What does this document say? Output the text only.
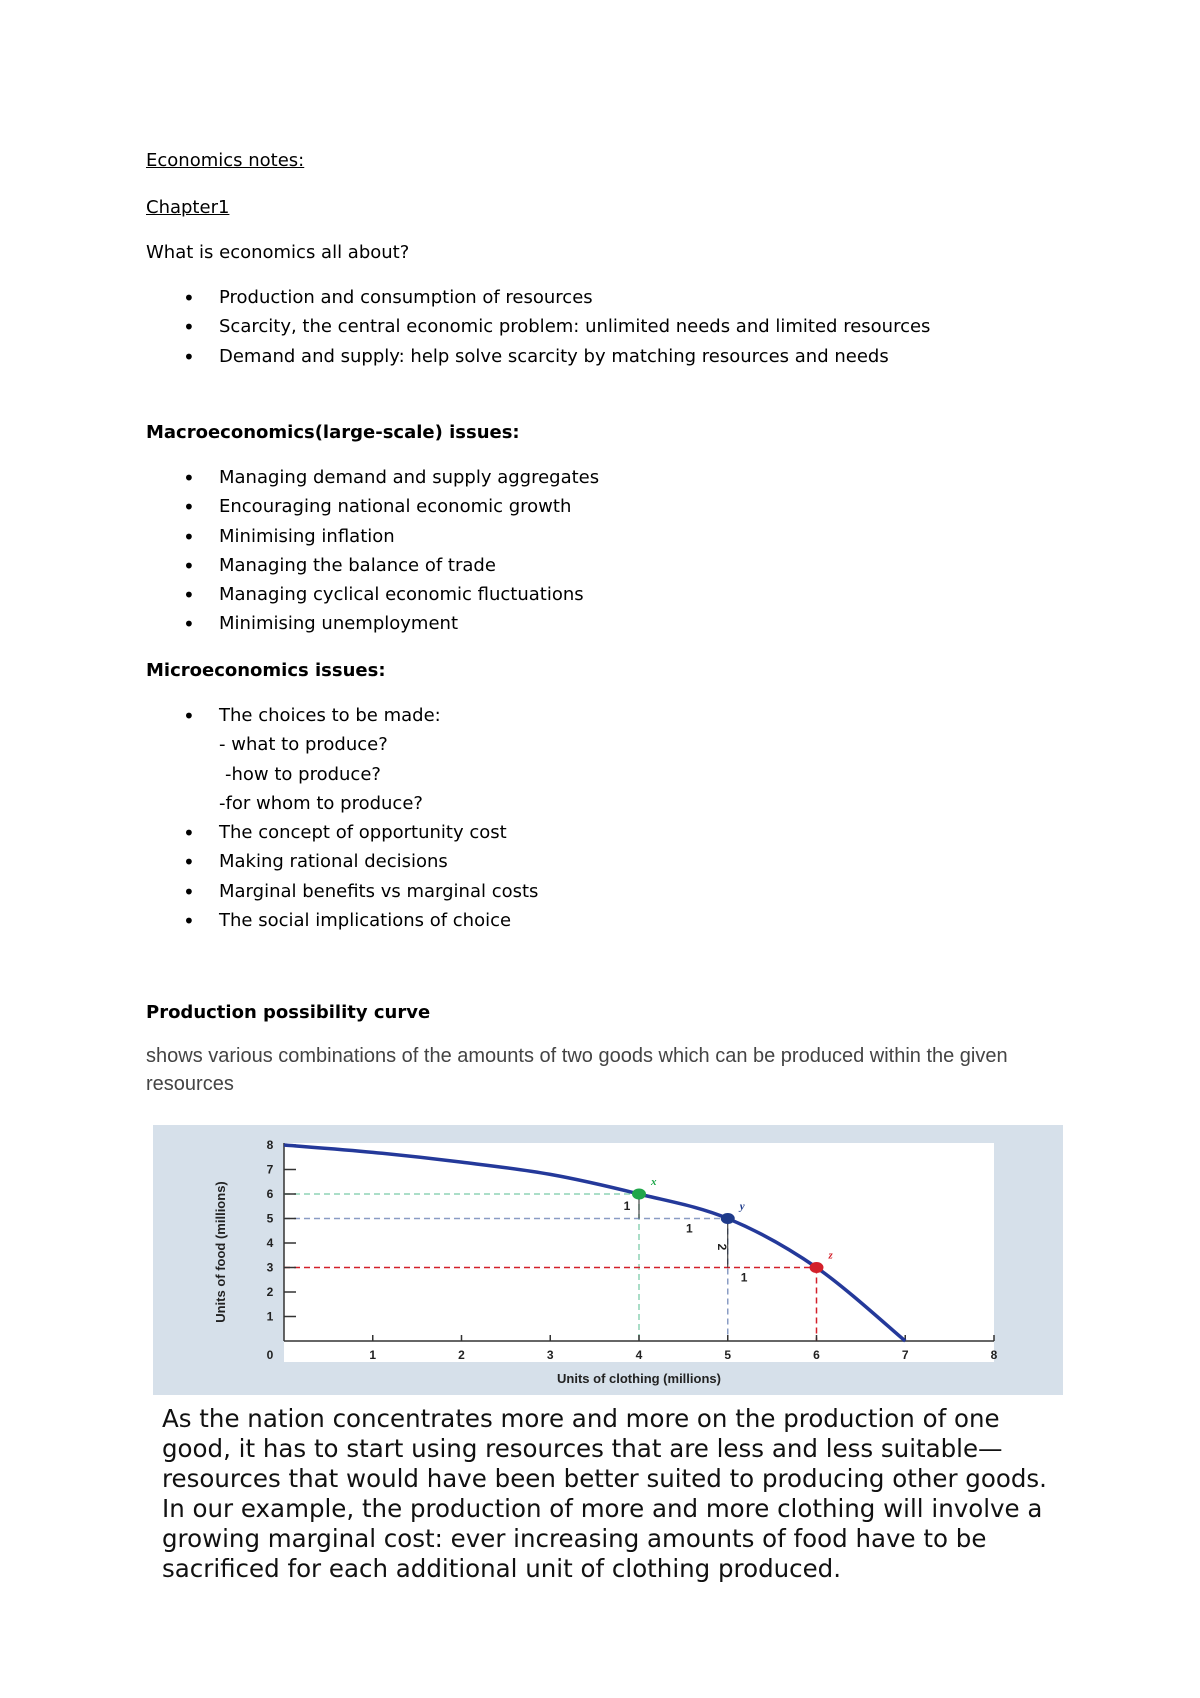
Economics notes:
Chapter1
What is economics all about?
• Production and consumption of resources
• Scarcity, the central economic problem: unlimited needs and limited resources
• Demand and supply: help solve scarcity by matching resources and needs
Macroeconomics(large-scale) issues:
• Managing demand and supply aggregates
• Encouraging national economic growth
• Minimising inflation
• Managing the balance of trade
• Managing cyclical economic fluctuations
• Minimising unemployment
Microeconomics issues:
• The choices to be made:
- what to produce?
-how to produce?
-for whom to produce?
• The concept of opportunity cost
• Making rational decisions
• Marginal benefits vs marginal costs
• The social implications of choice
Production possibility curve
shows various combinations of the amounts of two goods which can be produced within the given resources
0	1	2	3	4	5	6	7	8
1
2
3
4
5
6
7
8
1
1
2
1
x
y
z
Units of clothing (millions)
Units of food (millions)
As the nation concentrates more and more on the production of one good, it has to start using resources that are less and less suitable—resources that would have been better suited to producing other goods. In our example, the production of more and more clothing will involve a growing marginal cost: ever increasing amounts of food have to be sacrificed for each additional unit of clothing produced.
